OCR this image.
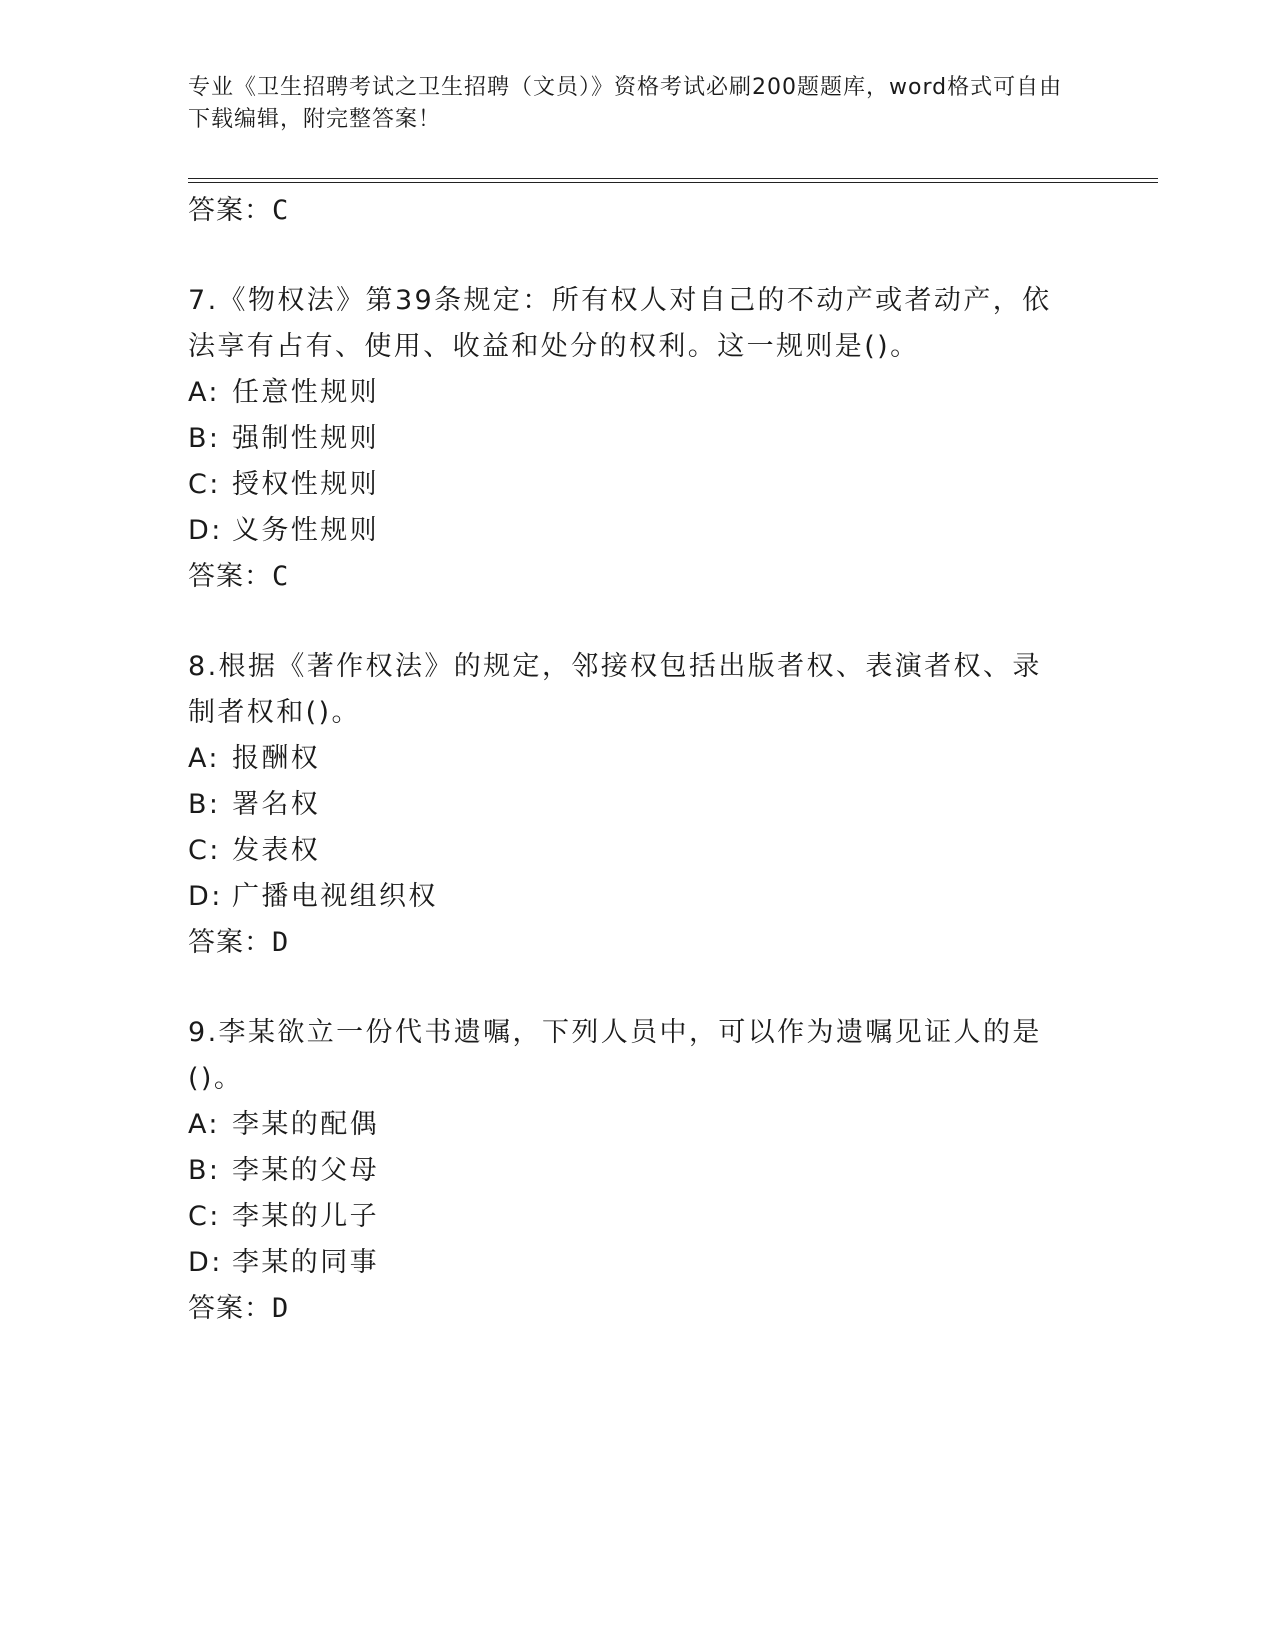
专业《卫生招聘考试之卫生招聘（文员）》资格考试必刷200题题库，word格式可自由下载编辑，附完整答案！
答案：C
7.《物权法》第39条规定：所有权人对自己的不动产或者动产，依法享有占有、使用、收益和处分的权利。这一规则是()。
A: 任意性规则
B: 强制性规则
C: 授权性规则
D: 义务性规则
答案：C
8.根据《著作权法》的规定，邻接权包括出版者权、表演者权、录制者权和()。
A: 报酬权
B: 署名权
C: 发表权
D: 广播电视组织权
答案：D
9.李某欲立一份代书遗嘱，下列人员中，可以作为遗嘱见证人的是()。
A: 李某的配偶
B: 李某的父母
C: 李某的儿子
D: 李某的同事
答案：D
